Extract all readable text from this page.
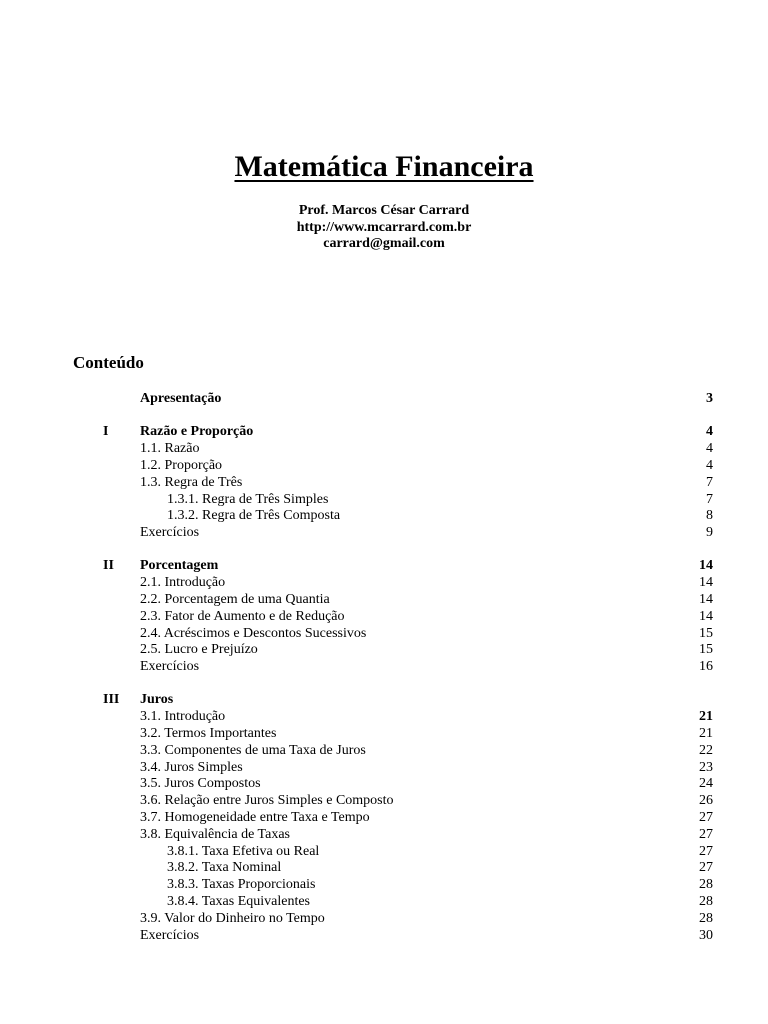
Matemática Financeira
Prof. Marcos César Carrard
http://www.mcarrard.com.br
carrard@gmail.com
Conteúdo
Apresentação	3
I Razão e Proporção	4
1.1. Razão	4
1.2. Proporção	4
1.3. Regra de Três	7
1.3.1. Regra de Três Simples	7
1.3.2. Regra de Três Composta	8
Exercícios	9
II Porcentagem	14
2.1. Introdução	14
2.2. Porcentagem de uma Quantia	14
2.3. Fator de Aumento e de Redução	14
2.4. Acréscimos e Descontos Sucessivos	15
2.5. Lucro e Prejuízo	15
Exercícios	16
III Juros
3.1. Introdução	21
3.2. Termos Importantes	21
3.3. Componentes de uma Taxa de Juros	22
3.4. Juros Simples	23
3.5. Juros Compostos	24
3.6. Relação entre Juros Simples e Composto	26
3.7. Homogeneidade entre Taxa e Tempo	27
3.8. Equivalência de Taxas	27
3.8.1. Taxa Efetiva ou Real	27
3.8.2. Taxa Nominal	27
3.8.3. Taxas Proporcionais	28
3.8.4. Taxas Equivalentes	28
3.9. Valor do Dinheiro no Tempo	28
Exercícios	30
